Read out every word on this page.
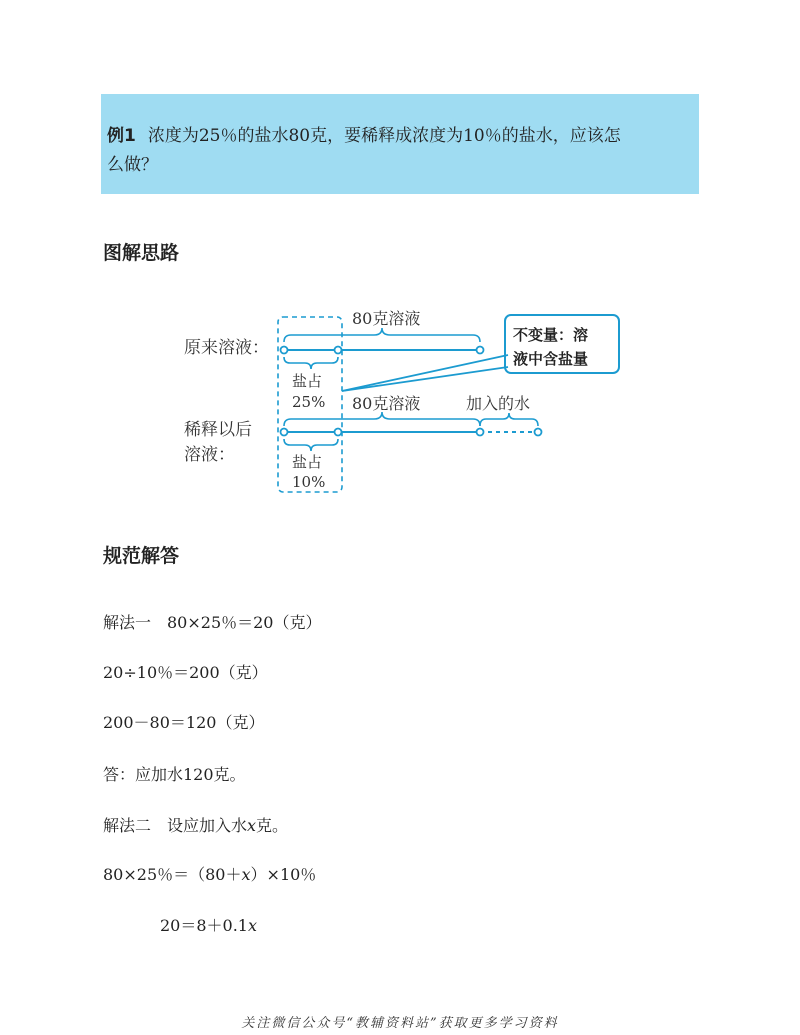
例1 浓度为25％的盐水80克，要稀释成浓度为10％的盐水，应该怎
么做？
图解思路
原来溶液：
稀释以后
溶液：
80克溶液
盐占
25%
不变量：溶
液中含盐量
80克溶液	加入的水
盐占
10%
规范解答
解法一　80×25％＝20（克）
20÷10％＝200（克）
200－80＝120（克）
答：应加水120克。
解法二　设应加入水x克。
80×25％＝（80＋x）×10％
20＝8＋0.1x
关注微信公众号“教辅资料站”获取更多学习资料
